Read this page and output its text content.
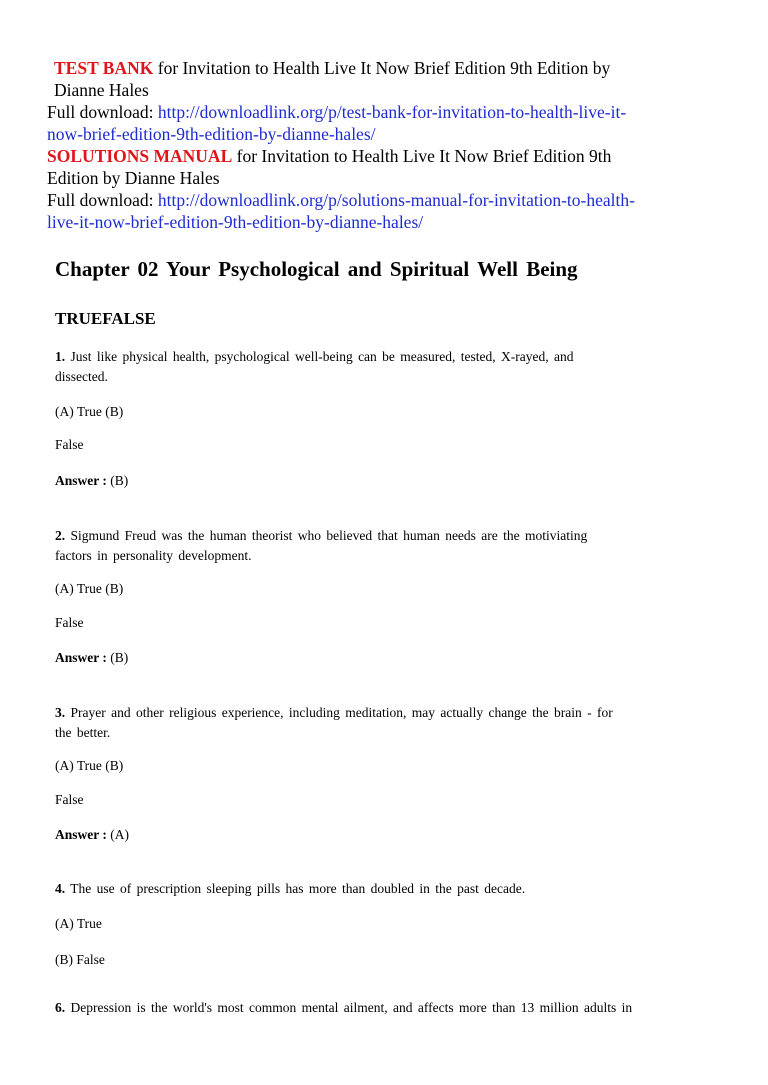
TEST BANK for Invitation to Health Live It Now Brief Edition 9th Edition by
Dianne Hales
Full download: http://downloadlink.org/p/test-bank-for-invitation-to-health-live-it-
now-brief-edition-9th-edition-by-dianne-hales/
SOLUTIONS MANUAL for Invitation to Health Live It Now Brief Edition 9th
Edition by Dianne Hales
Full download: http://downloadlink.org/p/solutions-manual-for-invitation-to-health-
live-it-now-brief-edition-9th-edition-by-dianne-hales/
Chapter 02 Your Psychological and Spiritual Well Being
TRUEFALSE
1. Just like physical health, psychological well-being can be measured, tested, X-rayed, and
dissected.
(A) True (B)
False
Answer : (B)
2. Sigmund Freud was the human theorist who believed that human needs are the motiviating
factors in personality development.
(A) True (B)
False
Answer : (B)
3. Prayer and other religious experience, including meditation, may actually change the brain - for
the better.
(A) True (B)
False
Answer : (A)
4. The use of prescription sleeping pills has more than doubled in the past decade.
(A) True
(B) False
6. Depression is the world's most common mental ailment, and affects more than 13 million adults in
